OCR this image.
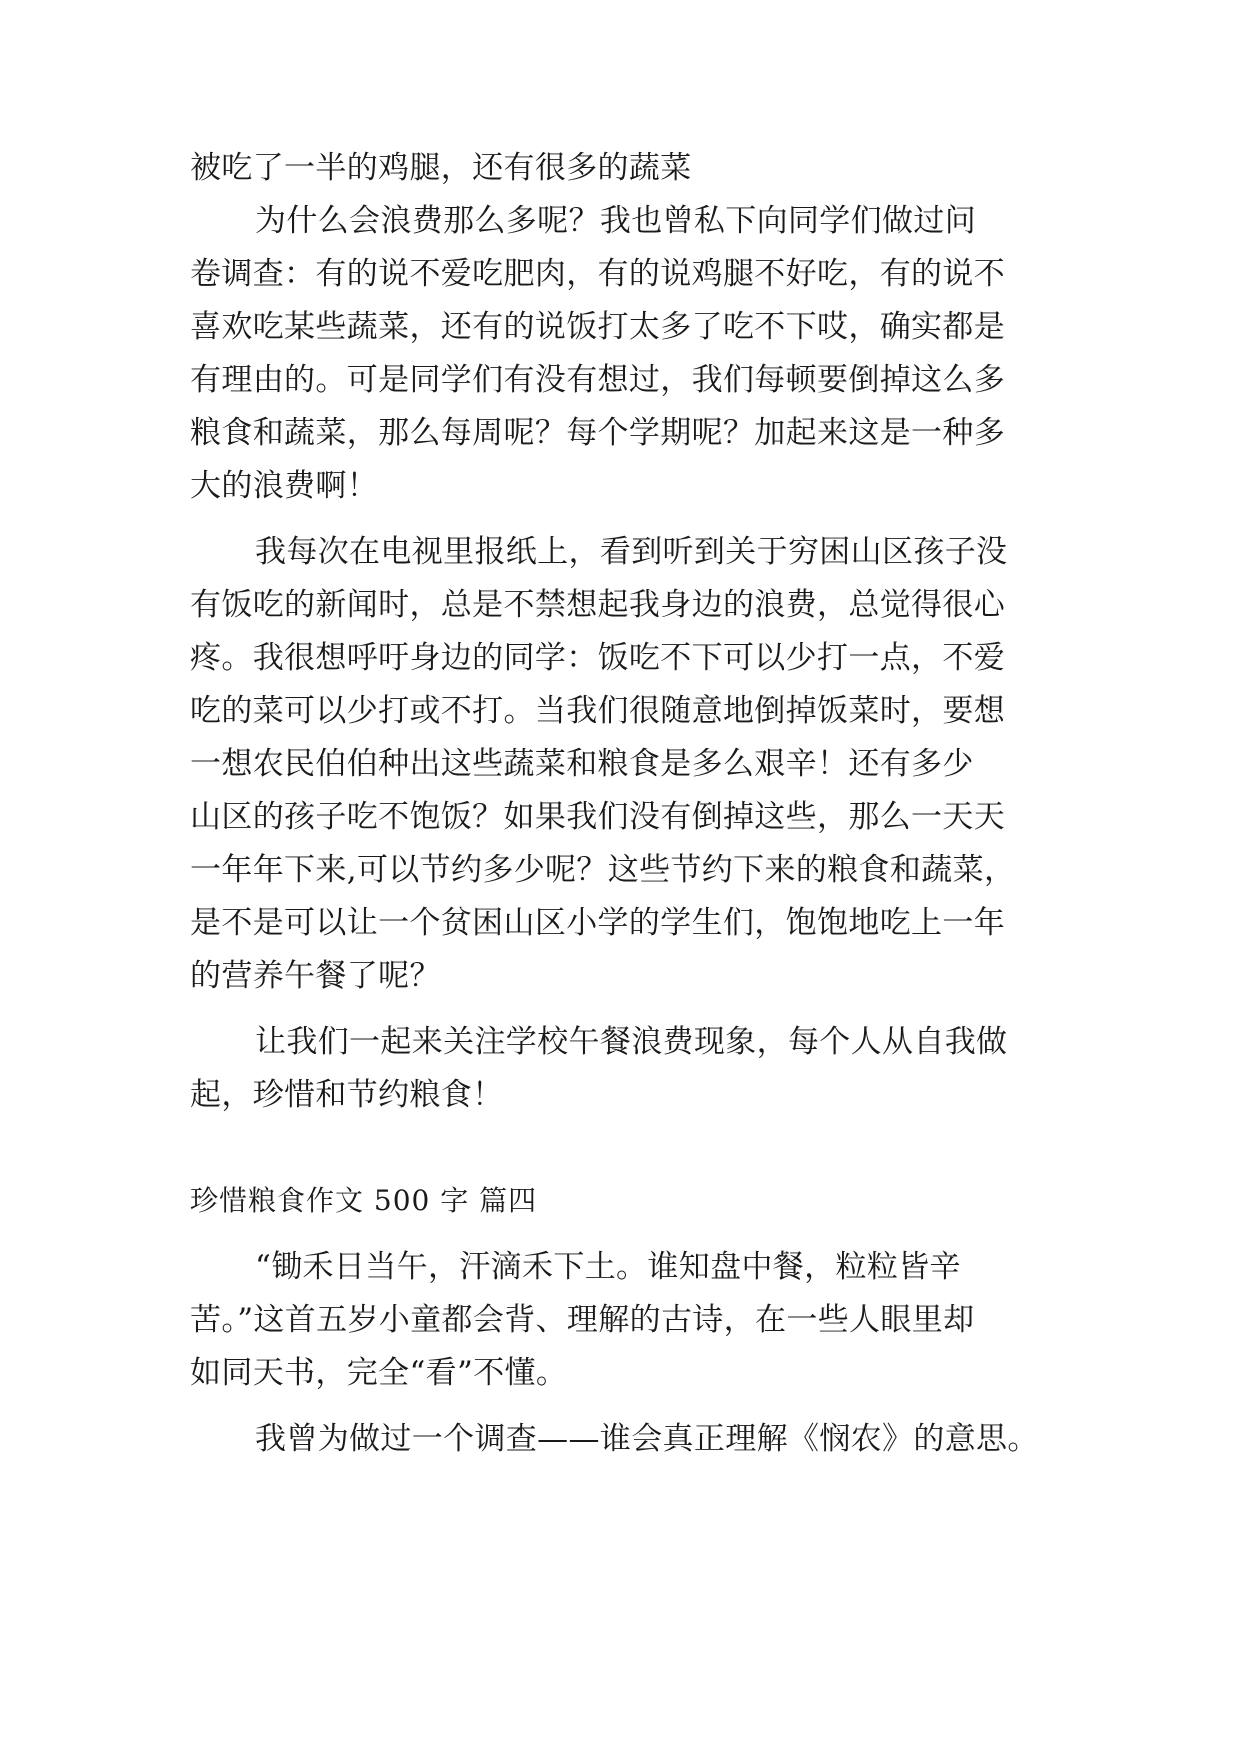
被吃了一半的鸡腿，还有很多的蔬菜
为什么会浪费那么多呢？我也曾私下向同学们做过问
卷调查：有的说不爱吃肥肉，有的说鸡腿不好吃，有的说不
喜欢吃某些蔬菜，还有的说饭打太多了吃不下哎，确实都是
有理由的。可是同学们有没有想过，我们每顿要倒掉这么多
粮食和蔬菜，那么每周呢？每个学期呢？加起来这是一种多
大的浪费啊！
我每次在电视里报纸上，看到听到关于穷困山区孩子没
有饭吃的新闻时，总是不禁想起我身边的浪费，总觉得很心
疼。我很想呼吁身边的同学：饭吃不下可以少打一点，不爱
吃的菜可以少打或不打。当我们很随意地倒掉饭菜时，要想
一想农民伯伯种出这些蔬菜和粮食是多么艰辛！还有多少
山区的孩子吃不饱饭？如果我们没有倒掉这些，那么一天天
一年年下来,可以节约多少呢？这些节约下来的粮食和蔬菜，
是不是可以让一个贫困山区小学的学生们，饱饱地吃上一年
的营养午餐了呢？
让我们一起来关注学校午餐浪费现象，每个人从自我做
起，珍惜和节约粮食！
珍惜粮食作文 500 字 篇四
“锄禾日当午，汗滴禾下土。谁知盘中餐，粒粒皆辛
苦。”这首五岁小童都会背、理解的古诗，在一些人眼里却
如同天书，完全“看”不懂。
我曾为做过一个调查——谁会真正理解《悯农》的意思。
